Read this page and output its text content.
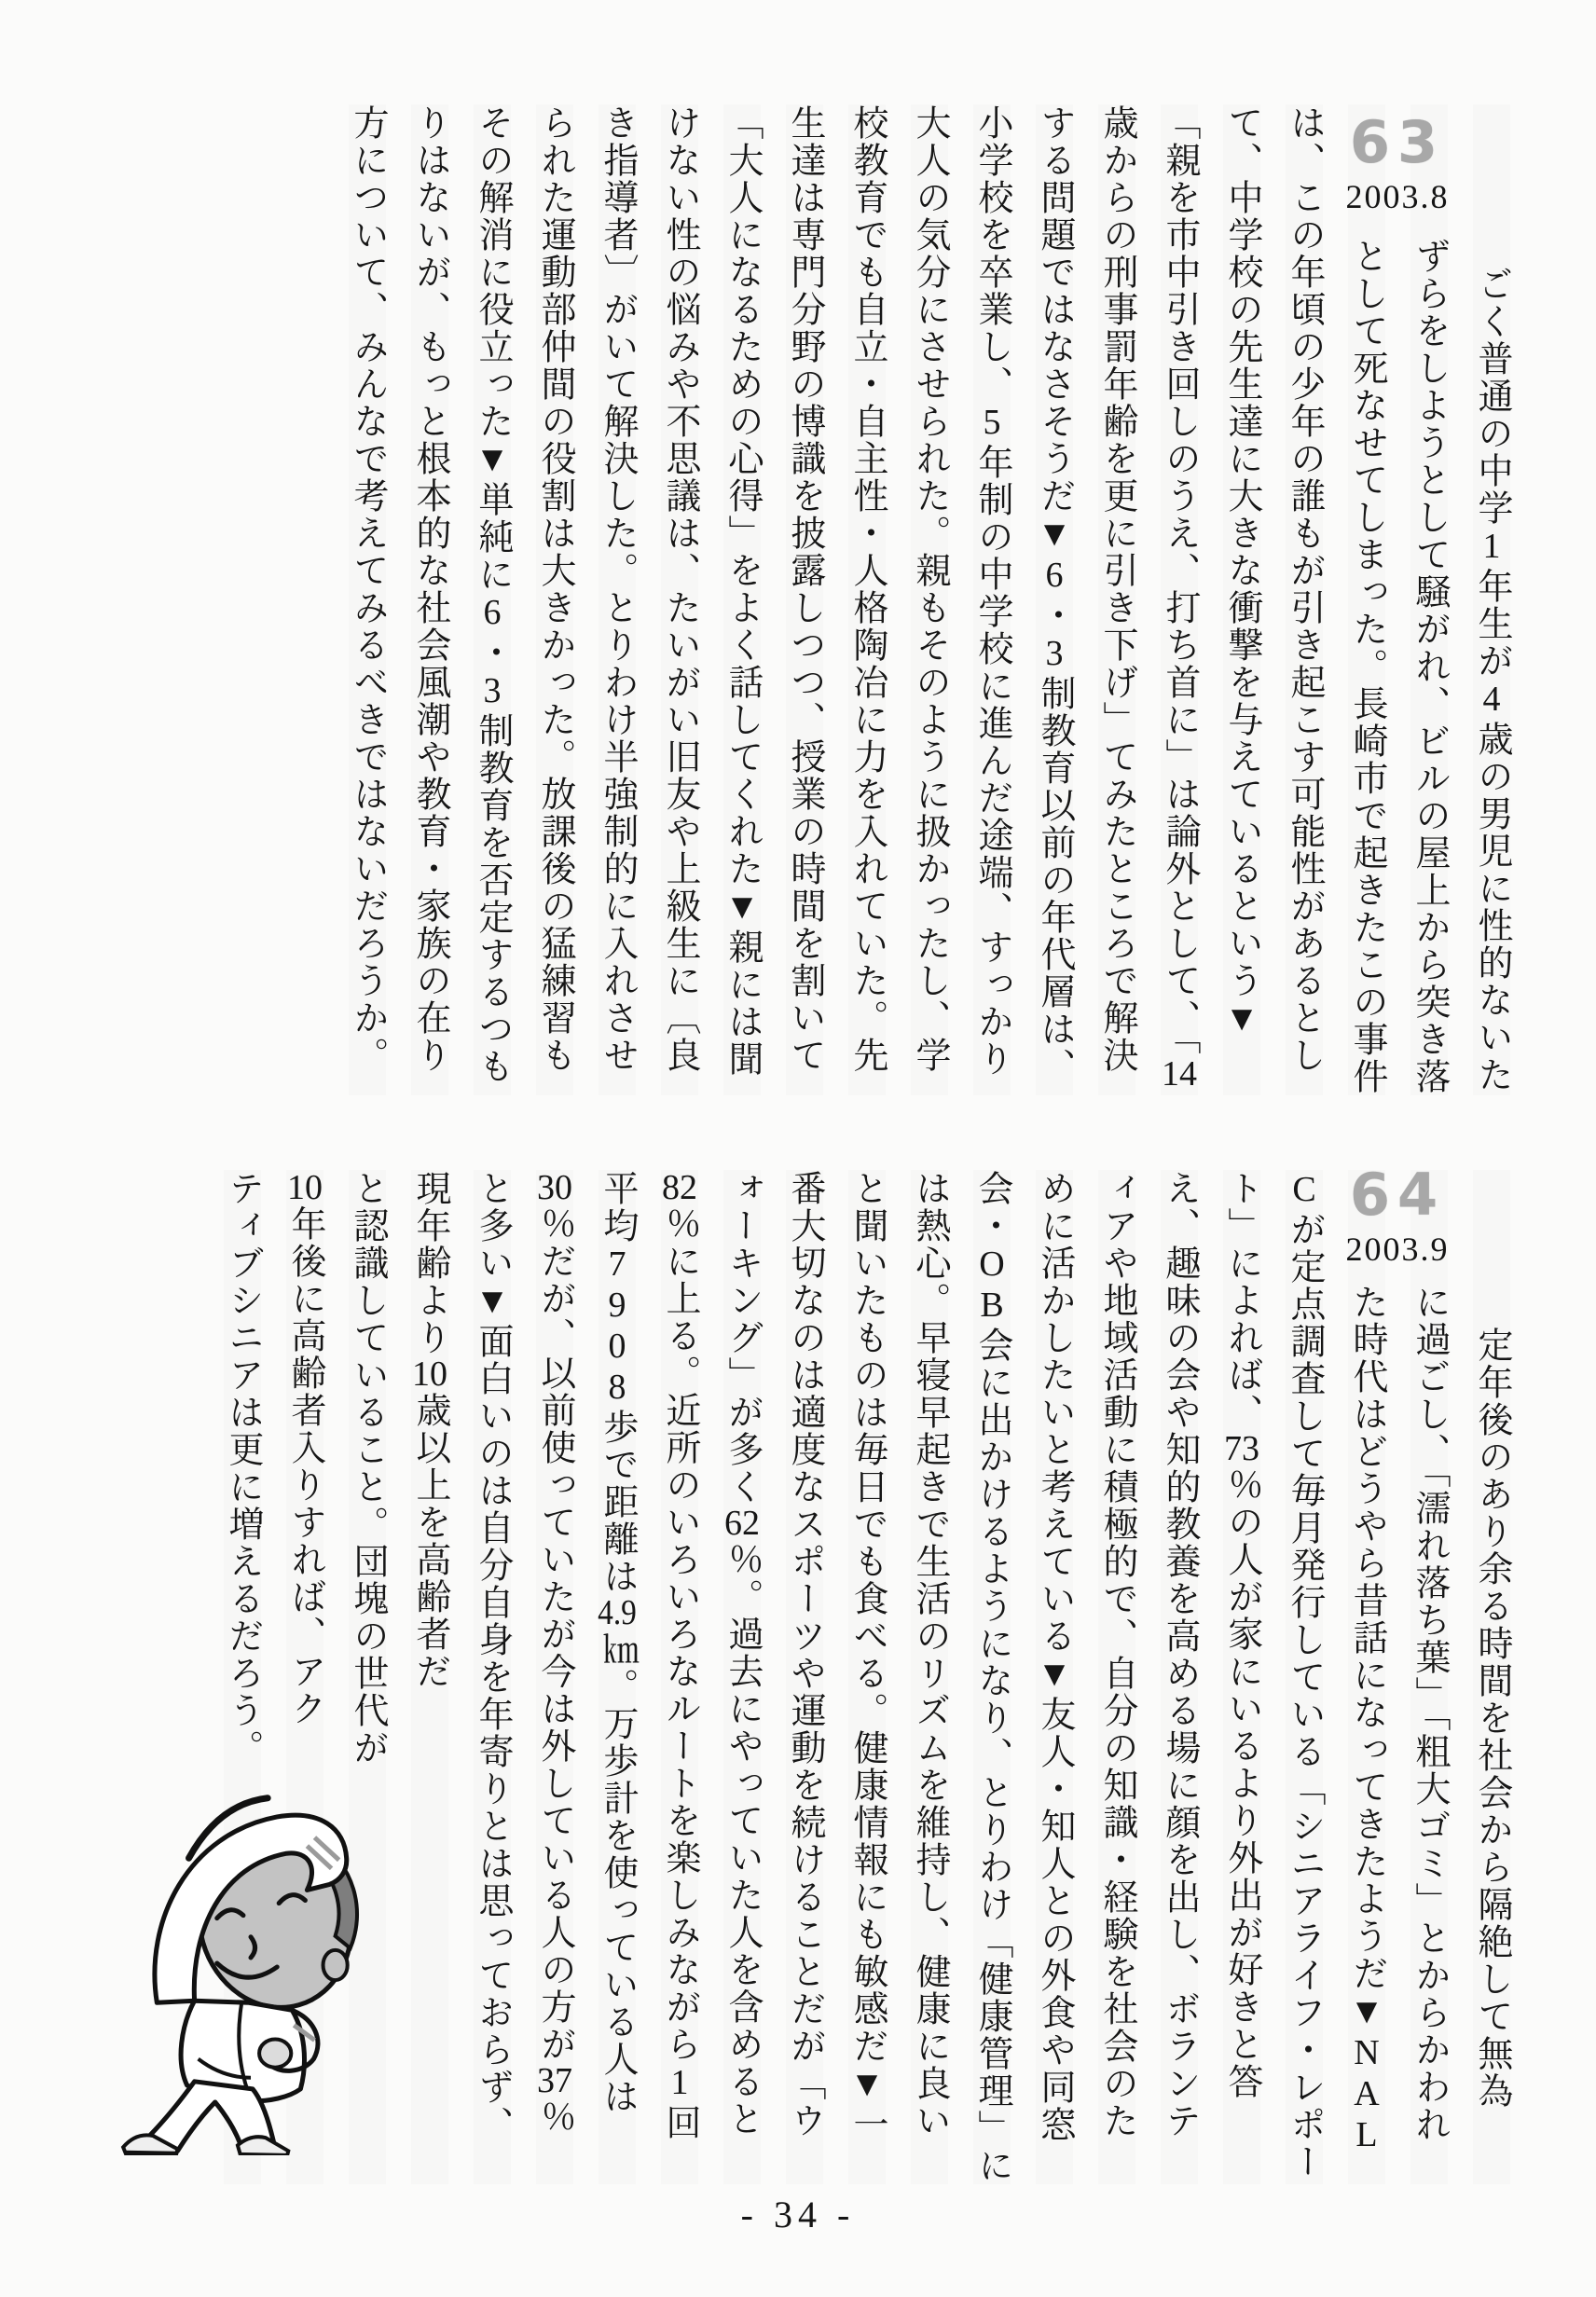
63
2003.8
ごく普通の中学1年生が4歳の男児に性的ないた
ずらをしようとして騒がれ、ビルの屋上から突き落
として死なせてしまった。長崎市で起きたこの事件
は、この年頃の少年の誰もが引き起こす可能性があるとし
て、中学校の先生達に大きな衝撃を与えているという▼
「親を市中引き回しのうえ、打ち首に」は論外として、「14
歳からの刑事罰年齢を更に引き下げ」てみたところで解決
する問題ではなさそうだ▼6・3制教育以前の年代層は、
小学校を卒業し、5年制の中学校に進んだ途端、すっかり
大人の気分にさせられた。親もそのように扱かったし、学
校教育でも自立・自主性・人格陶冶に力を入れていた。先
生達は専門分野の博識を披露しつつ、授業の時間を割いて
「大人になるための心得」をよく話してくれた▼親には聞
けない性の悩みや不思議は、たいがい旧友や上級生に〔良
き指導者〕がいて解決した。とりわけ半強制的に入れさせ
られた運動部仲間の役割は大きかった。放課後の猛練習も
その解消に役立った▼単純に6・3制教育を否定するつも
りはないが、もっと根本的な社会風潮や教育・家族の在り
方について、みんなで考えてみるべきではないだろうか。
64
2003.9
定年後のあり余る時間を社会から隔絶して無為
に過ごし、「濡れ落ち葉」「粗大ゴミ」とからかわれ
た時代はどうやら昔話になってきたようだ▼NAL
Cが定点調査して毎月発行している「シニアライフ・レポー
ト」によれば、73％の人が家にいるより外出が好きと答
え、趣味の会や知的教養を高める場に顔を出し、ボランテ
ィアや地域活動に積極的で、自分の知識・経験を社会のた
めに活かしたいと考えている▼友人・知人との外食や同窓
会・OB会に出かけるようになり、とりわけ「健康管理」に
は熱心。早寝早起きで生活のリズムを維持し、健康に良い
と聞いたものは毎日でも食べる。健康情報にも敏感だ▼一
番大切なのは適度なスポーツや運動を続けることだが「ウ
ォーキング」が多く62％。過去にやっていた人を含めると
82％に上る。近所のいろいろなルートを楽しみながら1回
平均7908歩で距離は4.9㎞。万歩計を使っている人は
30％だが、以前使っていたが今は外している人の方が37％
と多い▼面白いのは自分自身を年寄りとは思っておらず、
現年齢より10歳以上を高齢者だ
と認識していること。団塊の世代が
10年後に高齢者入りすれば、アク
ティブシニアは更に増えるだろう。
- 34 -
